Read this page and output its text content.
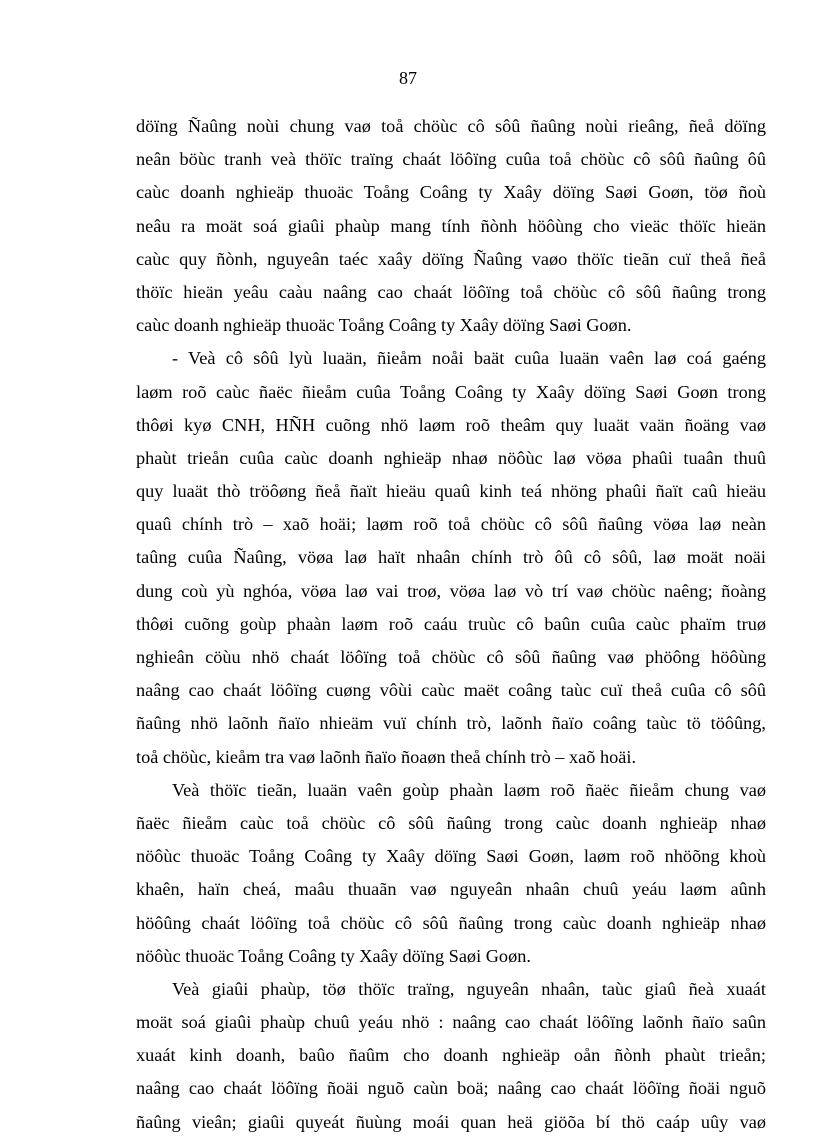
87
döïng Ñaûng noùi chung vaø toå chöùc cô sôû ñaûng noùi rieâng, ñeå döïng
neân böùc tranh veà thöïc traïng chaát löôïng cuûa toå chöùc cô sôû ñaûng ôû
caùc doanh nghieäp thuoäc Toång Coâng ty Xaây döïng Saøi Goøn, töø ñoù
neâu ra moät soá giaûi phaùp mang tính ñònh höôùng cho vieäc thöïc hieän
caùc quy ñònh, nguyeân taéc xaây döïng Ñaûng vaøo thöïc tieãn cuï theå ñeå
thöïc hieän yeâu caàu naâng cao chaát löôïng toå chöùc cô sôû ñaûng trong
caùc doanh nghieäp thuoäc Toång Coâng ty Xaây döïng Saøi Goøn.
- Veà cô sôû lyù luaän, ñieåm noåi baät cuûa luaän vaên laø coá gaéng
laøm roõ caùc ñaëc ñieåm cuûa Toång Coâng ty Xaây döïng Saøi Goøn trong
thôøi kyø CNH, HÑH cuõng nhö laøm roõ theâm quy luaät vaän ñoäng vaø
phaùt trieån cuûa caùc doanh nghieäp nhaø nöôùc laø vöøa phaûi tuaân thuû
quy luaät thò tröôøng ñeå ñaït hieäu quaû kinh teá nhöng phaûi ñaït caû hieäu
quaû chính trò – xaõ hoäi; laøm roõ toå chöùc cô sôû ñaûng vöøa laø neàn
taûng cuûa Ñaûng, vöøa laø haït nhaân chính trò ôû cô sôû, laø moät noäi
dung coù yù nghóa, vöøa laø vai troø, vöøa laø vò trí vaø chöùc naêng; ñoàng
thôøi cuõng goùp phaàn laøm roõ caáu truùc cô baûn cuûa caùc phaïm truø
nghieân cöùu nhö chaát löôïng toå chöùc cô sôû ñaûng vaø phöông höôùng
naâng cao chaát löôïng cuøng vôùi caùc maët coâng taùc cuï theå cuûa cô sôû
ñaûng nhö laõnh ñaïo nhieäm vuï chính trò, laõnh ñaïo coâng taùc tö töôûng,
toå chöùc, kieåm tra vaø laõnh ñaïo ñoaøn theå chính trò – xaõ hoäi.
Veà thöïc tieãn, luaän vaên goùp phaàn laøm roõ ñaëc ñieåm chung vaø
ñaëc ñieåm caùc toå chöùc cô sôû ñaûng trong caùc doanh nghieäp nhaø
nöôùc thuoäc Toång Coâng ty Xaây döïng Saøi Goøn, laøm roõ nhöõng khoù
khaên, haïn cheá, maâu thuaãn vaø nguyeân nhaân chuû yeáu laøm aûnh
höôûng chaát löôïng toå chöùc cô sôû ñaûng trong caùc doanh nghieäp nhaø
nöôùc thuoäc Toång Coâng ty Xaây döïng Saøi Goøn.
Veà giaûi phaùp, töø thöïc traïng, nguyeân nhaân, taùc giaû ñeà xuaát
moät soá giaûi phaùp chuû yeáu nhö : naâng cao chaát löôïng laõnh ñaïo saûn
xuaát kinh doanh, baûo ñaûm cho doanh nghieäp oån ñònh phaùt trieån;
naâng cao chaát löôïng ñoäi nguõ caùn boä; naâng cao chaát löôïng ñoäi nguõ
ñaûng vieân; giaûi quyeát ñuùng moái quan heä giöõa bí thö caáp uûy vaø
